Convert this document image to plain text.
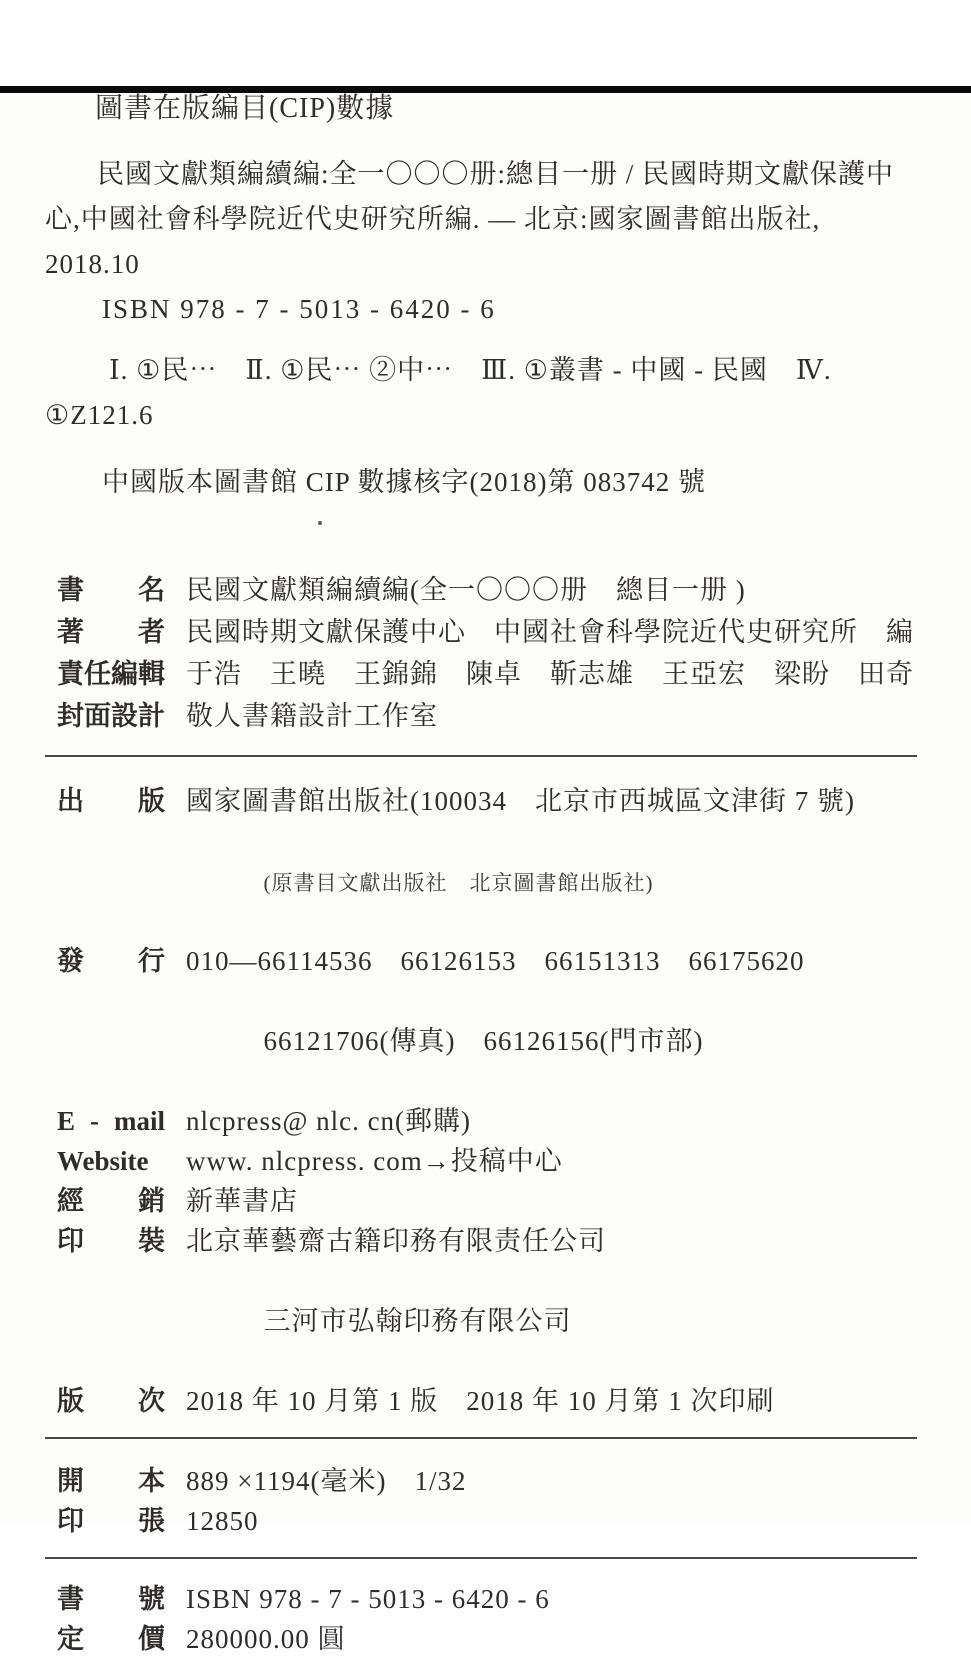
圖書在版編目(CIP)數據

民國文獻類編續編:全一〇〇〇册:總目一册 / 民國時期文獻保護中
心,中國社會科學院近代史研究所編. — 北京:國家圖書館出版社, 2018.10
ISBN 978 - 7 - 5013 - 6420 - 6

Ⅰ. ①民⋯　Ⅱ. ①民⋯ ②中⋯　Ⅲ. ①叢書 - 中國 - 民國　Ⅳ.
①Z121.6

中國版本圖書館 CIP 數據核字(2018)第 083742 號

書名 民國文獻類編續編(全一〇〇〇册　總目一册 )
著者 民國時期文獻保護中心　中國社會科學院近代史研究所　編
責任編輯 于浩　王曉　王錦錦　陳卓　靳志雄　王亞宏　梁盼　田奇
封面設計 敬人書籍設計工作室
出版 國家圖書館出版社(100034　北京市西城區文津街 7 號)

(原書目文獻出版社　北京圖書館出版社)

發行 010—66114536　66126153　66151313　66175620

66121706(傳真)　66126156(門市部)

E - mail nlcpress@ nlc. cn(郵購)
Website	www. nlcpress. com→投稿中心
經銷 新華書店
印裝 北京華藝齋古籍印務有限责任公司

三河市弘翰印務有限公司

版次 2018 年 10 月第 1 版　2018 年 10 月第 1 次印刷
開本 889 ×1194(毫米)　1/32
印張 12850
書號 ISBN 978 - 7 - 5013 - 6420 - 6
定價 280000.00 圓
